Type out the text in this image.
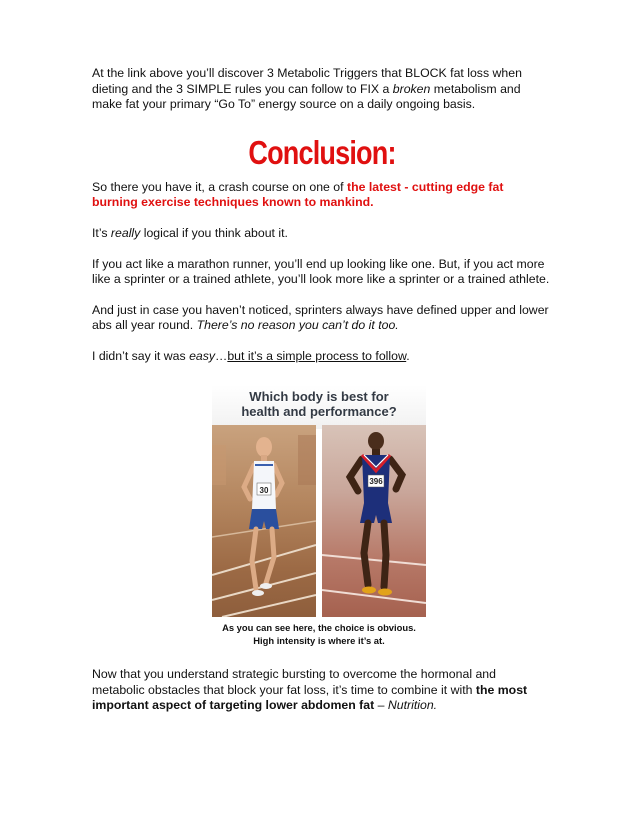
At the link above you’ll discover 3 Metabolic Triggers that BLOCK fat loss when dieting and the 3 SIMPLE rules you can follow to FIX a broken metabolism and make fat your primary “Go To” energy source on a daily ongoing basis.

Conclusion:

So there you have it, a crash course on one of the latest - cutting edge fat burning exercise techniques known to mankind.

It’s really logical if you think about it.

If you act like a marathon runner, you’ll end up looking like one. But, if you act more like a sprinter or a trained athlete, you’ll look more like a sprinter or a trained athlete.

And just in case you haven’t noticed, sprinters always have defined upper and lower abs all year round. There’s no reason you can’t do it too.

I didn’t say it was easy…but it’s a simple process to follow.

Which body is best for
health and performance?
30
396
As you can see here, the choice is obvious.
High intensity is where it’s at.

Now that you understand strategic bursting to overcome the hormonal and metabolic obstacles that block your fat loss, it’s time to combine it with the most important aspect of targeting lower abdomen fat – Nutrition.
